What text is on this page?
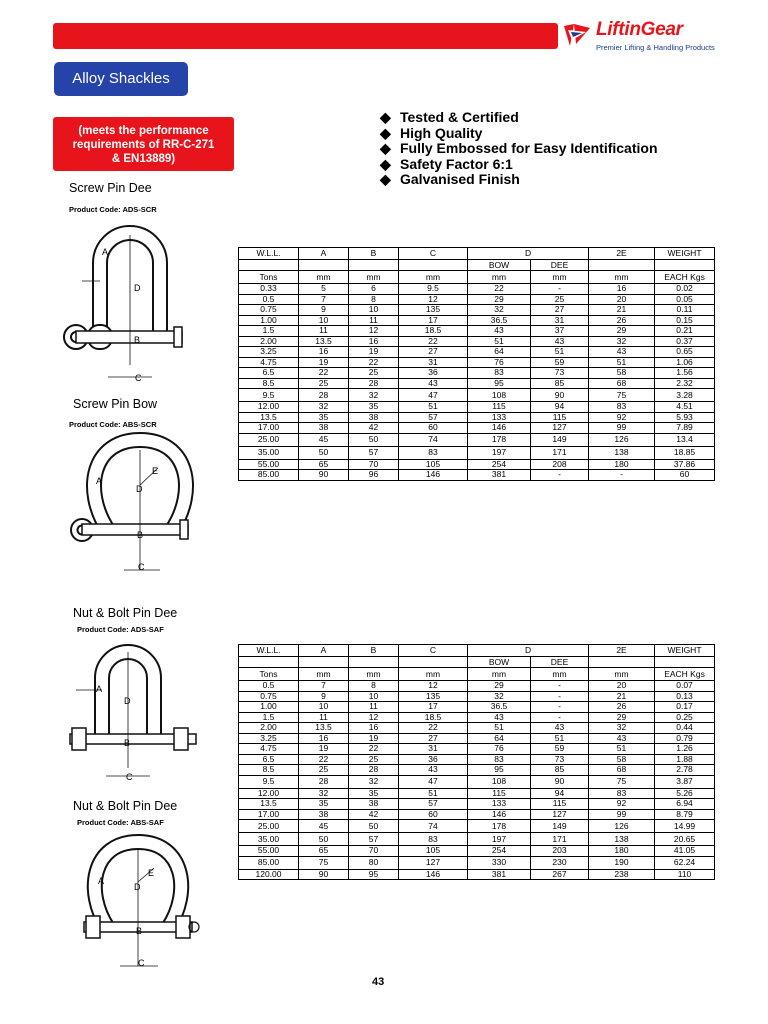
LiftinGear
Premier Lifting & Handling Products
Alloy Shackles
(meets the performance
requirements of RR-C-271
& EN13889)
◆ Tested & Certified
◆ High Quality
◆ Fully Embossed for Easy Identification
◆ Safety Factor 6:1
◆ Galvanised Finish
Screw Pin Dee
Product Code: ADS-SCR
Screw Pin Bow
Product Code: ABS-SCR
Nut & Bolt Pin Dee
Product Code: ADS-SAF
Nut & Bolt Pin Dee
Product Code: ABS-SAF
A
D
B
C
A
D
E
B
C
A
D
B
C
A
D
E
B
C
W.L.L.	A	B	C	D		2E	WEIGHT
				BOW	DEE		
Tons	mm	mm	mm	mm	mm	mm	EACH Kgs
0.33	5	6	9.5	22	-	16	0.02
0.5	7	8	12	29	25	20	0.05
0.75	9	10	135	32	27	21	0.11
1.00	10	11	17	36.5	31	26	0.15
1.5	11	12	18.5	43	37	29	0.21
2.00	13.5	16	22	51	43	32	0.37
3.25	16	19	27	64	51	43	0.65
4.75	19	22	31	76	59	51	1.06
6.5	22	25	36	83	73	58	1.56
8.5	25	28	43	95	85	68	2.32
9.5	28	32	47	108	90	75	3.28
12.00	32	35	51	115	94	83	4.51
13.5	35	38	57	133	115	92	5.93
17.00	38	42	60	146	127	99	7.89
25.00	45	50	74	178	149	126	13.4
35.00	50	57	83	197	171	138	18.85
55.00	65	70	105	254	208	180	37.86
85.00	90	96	146	381	-	-	60
W.L.L.	A	B	C	D		2E	WEIGHT
				BOW	DEE		
Tons	mm	mm	mm	mm	mm	mm	EACH Kgs
0.5	7	8	12	29	-	20	0.07
0.75	9	10	135	32	-	21	0.13
1.00	10	11	17	36.5	-	26	0.17
1.5	11	12	18.5	43	-	29	0.25
2.00	13.5	16	22	51	43	32	0.44
3.25	16	19	27	64	51	43	0.79
4.75	19	22	31	76	59	51	1.26
6.5	22	25	36	83	73	58	1.88
8.5	25	28	43	95	85	68	2.78
9.5	28	32	47	108	90	75	3.87
12.00	32	35	51	115	94	83	5.26
13.5	35	38	57	133	115	92	6.94
17.00	38	42	60	146	127	99	8.79
25.00	45	50	74	178	149	126	14.99
35.00	50	57	83	197	171	138	20.65
55.00	65	70	105	254	203	180	41.05
85.00	75	80	127	330	230	190	62.24
120.00	90	95	146	381	267	238	110
43
